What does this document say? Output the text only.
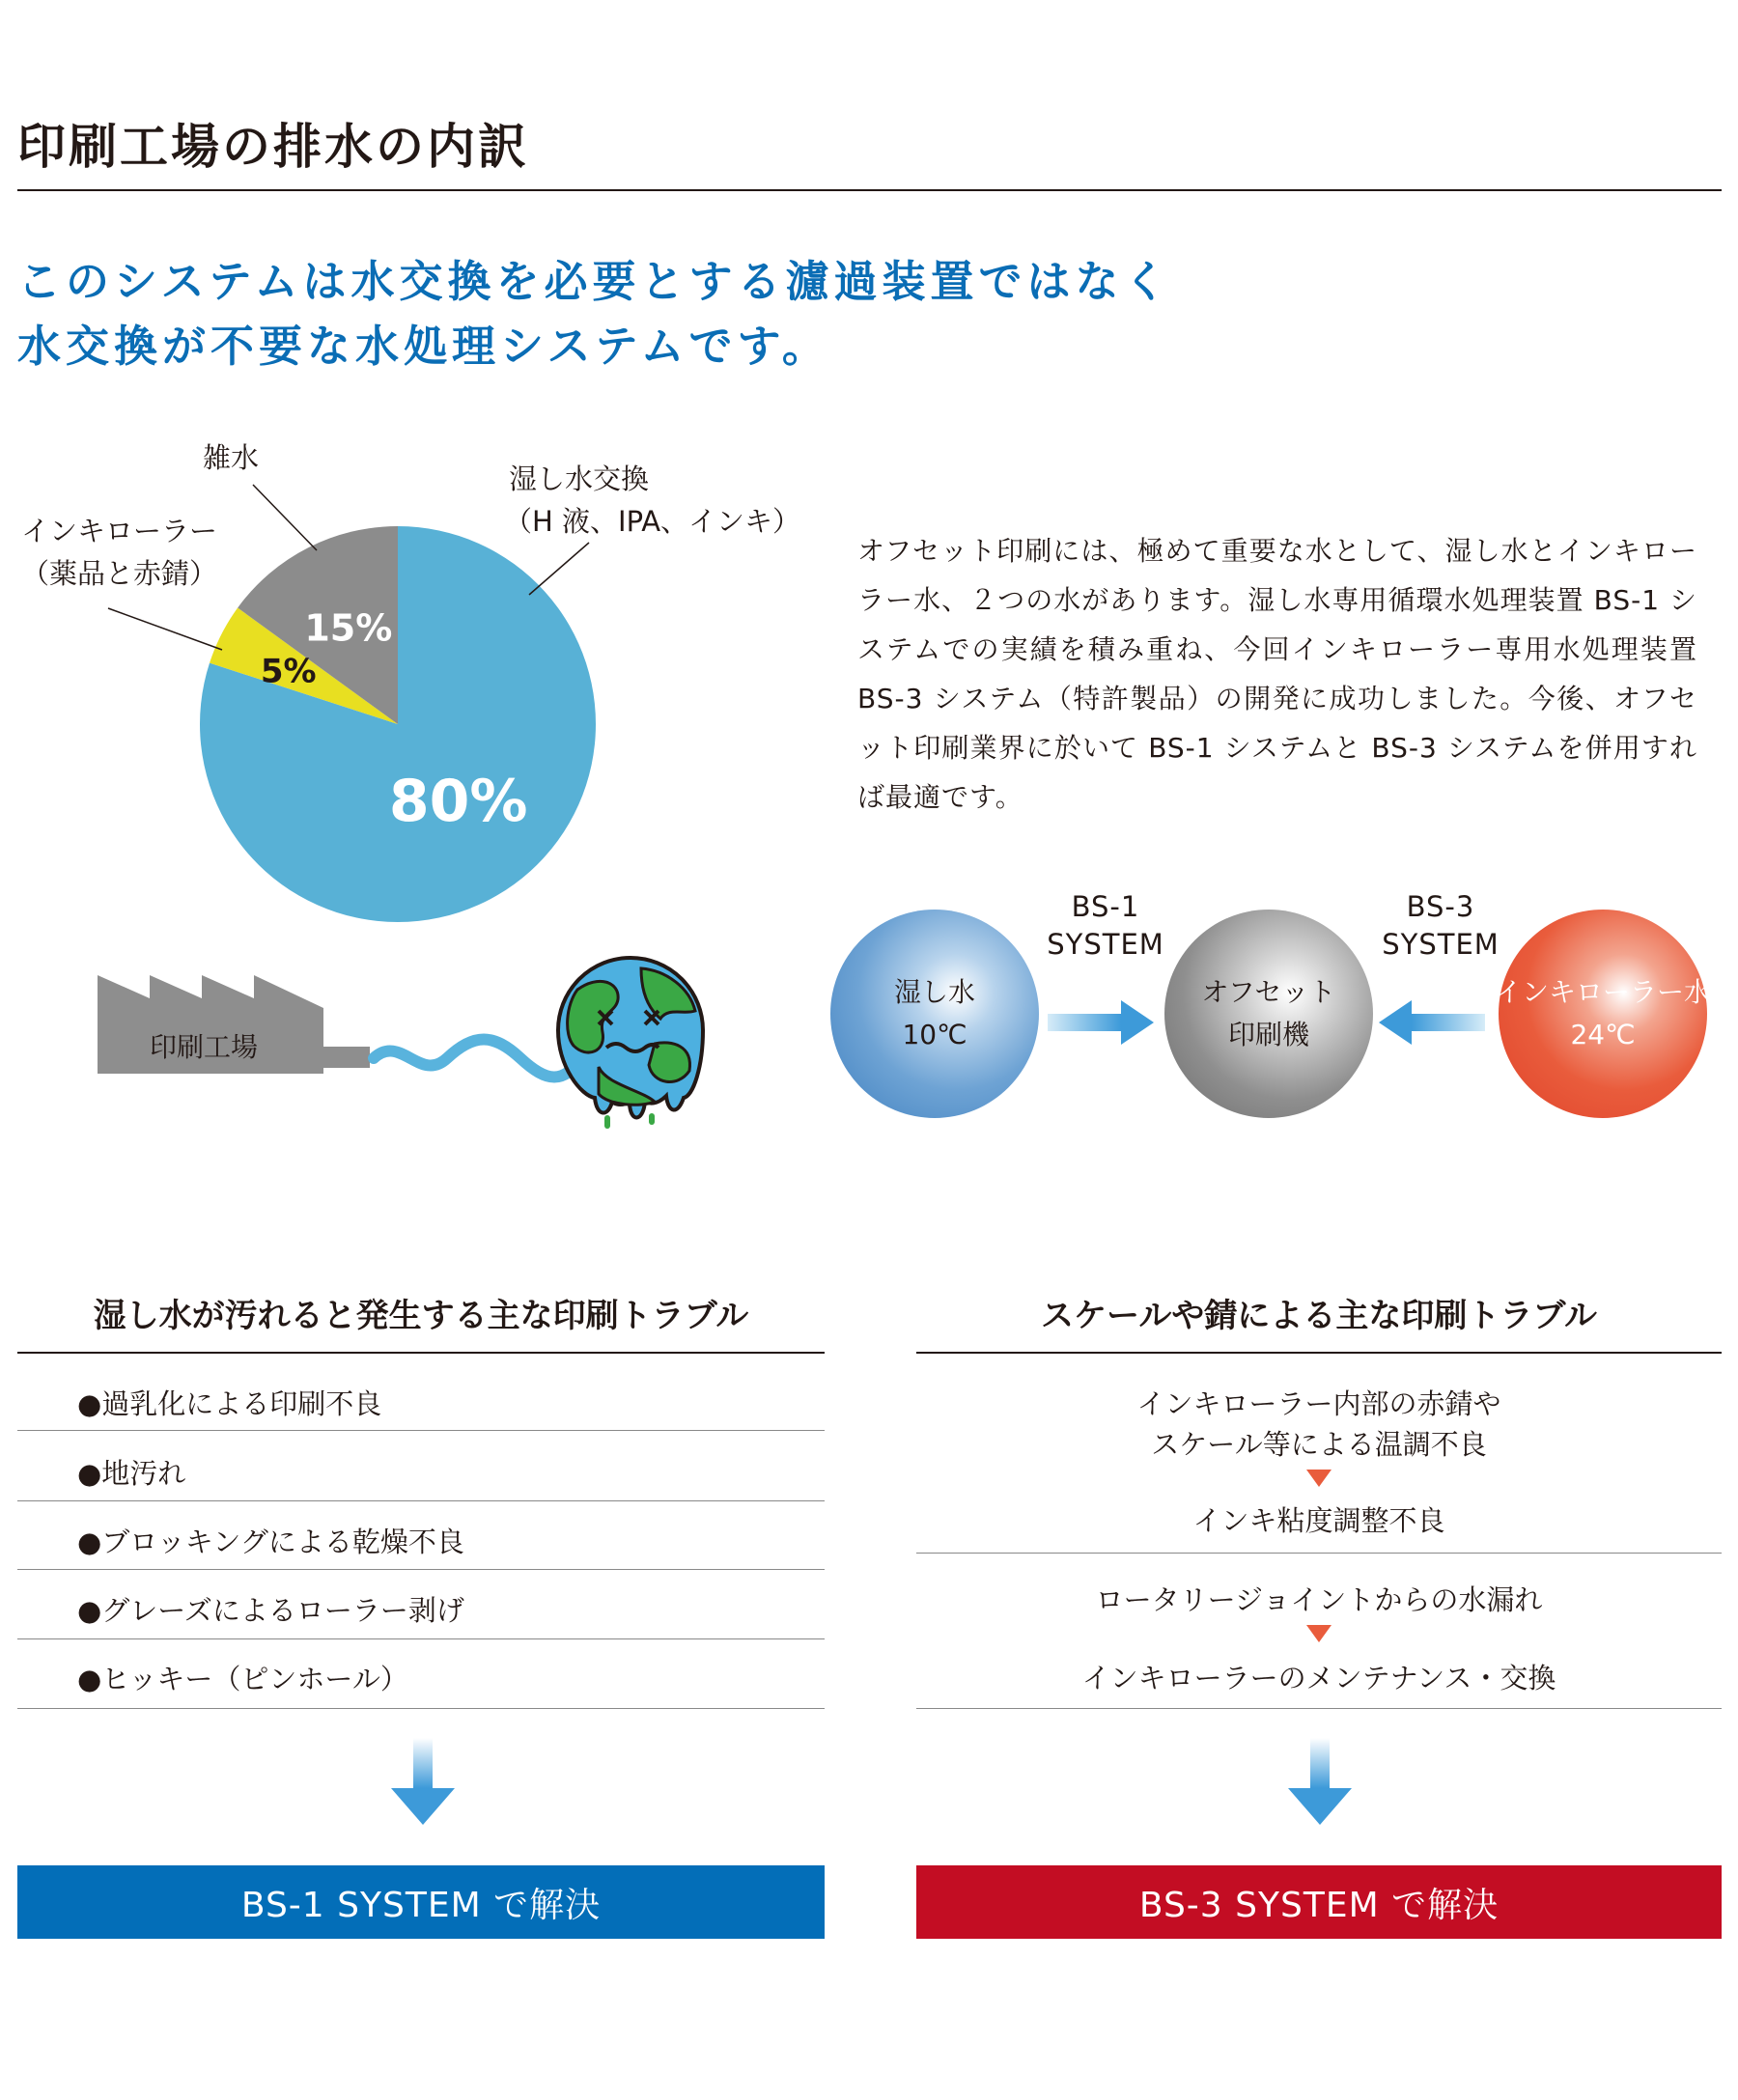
印刷工場の排水の内訳
このシステムは水交換を必要とする濾過装置ではなく
水交換が不要な水処理システムです。
80%
5%
15%
雑水
インキローラー
（薬品と赤錆）
湿し水交換
（H 液、IPA、インキ）
印刷工場
オフセット印刷には、極めて重要な水として、湿し水とインキローラー水、２つの水があります。湿し水専用循環水処理装置 BS-1 システムでの実績を積み重ね、今回インキローラー専用水処理装置 BS-3 システム（特許製品）の開発に成功しました。今後、オフセット印刷業界に於いて BS-1 システムと BS-3 システムを併用すれば最適です。
BS-1
SYSTEM
BS-3
SYSTEM
湿し水
10℃
オフセット
印刷機
インキローラー水
24℃
湿し水が汚れると発生する主な印刷トラブル
●過乳化による印刷不良
●地汚れ
●ブロッキングによる乾燥不良
●グレーズによるローラー剥げ
●ヒッキー（ピンホール）
BS-1 SYSTEM で解決
スケールや錆による主な印刷トラブル
インキローラー内部の赤錆や
スケール等による温調不良
インキ粘度調整不良
ロータリージョイントからの水漏れ
インキローラーのメンテナンス・交換
BS-3 SYSTEM で解決
